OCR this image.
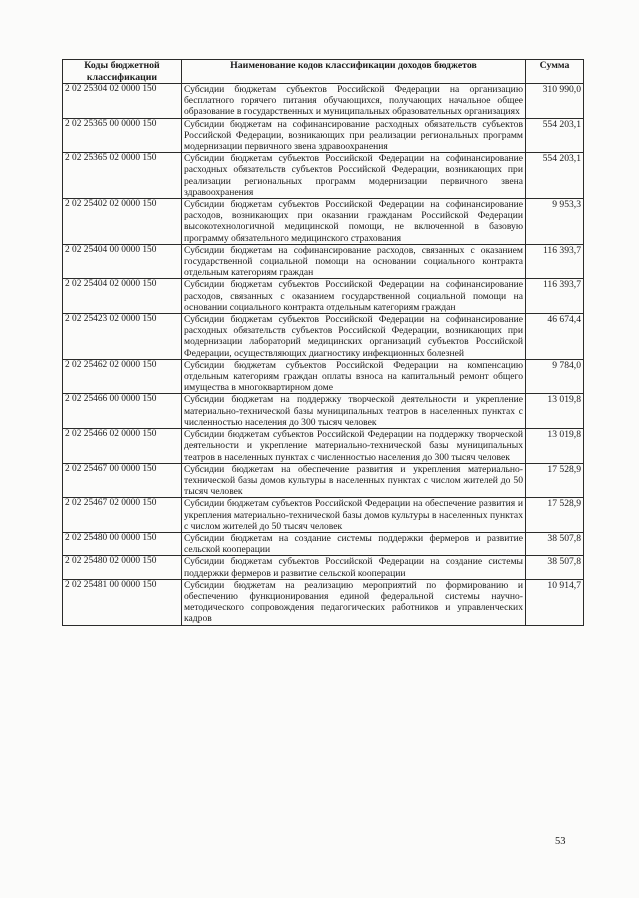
Коды бюджетной классификации	Наименование кодов классификации доходов бюджетов	Сумма
2 02 25304 02 0000 150	Субсидии бюджетам субъектов Российской Федерации на организацию бесплатного горячего питания обучающихся, получающих начальное общее образование в государственных и муниципальных образовательных организациях	310 990,0
2 02 25365 00 0000 150	Субсидии бюджетам на софинансирование расходных обязательств субъектов Российской Федерации, возникающих при реализации региональных программ модернизации первичного звена здравоохранения	554 203,1
2 02 25365 02 0000 150	Субсидии бюджетам субъектов Российской Федерации на софинансирование расходных обязательств субъектов Российской Федерации, возникающих при реализации региональных программ модернизации первичного звена здравоохранения	554 203,1
2 02 25402 02 0000 150	Субсидии бюджетам субъектов Российской Федерации на софинансирование расходов, возникающих при оказании гражданам Российской Федерации высокотехнологичной медицинской помощи, не включенной в базовую программу обязательного медицинского страхования	9 953,3
2 02 25404 00 0000 150	Субсидии бюджетам на софинансирование расходов, связанных с оказанием государственной социальной помощи на основании социального контракта отдельным категориям граждан	116 393,7
2 02 25404 02 0000 150	Субсидии бюджетам субъектов Российской Федерации на софинансирование расходов, связанных с оказанием государственной социальной помощи на основании социального контракта отдельным категориям граждан	116 393,7
2 02 25423 02 0000 150	Субсидии бюджетам субъектов Российской Федерации на софинансирование расходных обязательств субъектов Российской Федерации, возникающих при модернизации лабораторий медицинских организаций субъектов Российской Федерации, осуществляющих диагностику инфекционных болезней	46 674,4
2 02 25462 02 0000 150	Субсидии бюджетам субъектов Российской Федерации на компенсацию отдельным категориям граждан оплаты взноса на капитальный ремонт общего имущества в многоквартирном доме	9 784,0
2 02 25466 00 0000 150	Субсидии бюджетам на поддержку творческой деятельности и укрепление материально-технической базы муниципальных театров в населенных пунктах с численностью населения до 300 тысяч человек	13 019,8
2 02 25466 02 0000 150	Субсидии бюджетам субъектов Российской Федерации на поддержку творческой деятельности и укрепление материально-технической базы муниципальных театров в населенных пунктах с численностью населения до 300 тысяч человек	13 019,8
2 02 25467 00 0000 150	Субсидии бюджетам на обеспечение развития и укрепления материально-технической базы домов культуры в населенных пунктах с числом жителей до 50 тысяч человек	17 528,9
2 02 25467 02 0000 150	Субсидии бюджетам субъектов Российской Федерации на обеспечение развития и укрепления материально-технической базы домов культуры в населенных пунктах с числом жителей до 50 тысяч человек	17 528,9
2 02 25480 00 0000 150	Субсидии бюджетам на создание системы поддержки фермеров и развитие сельской кооперации	38 507,8
2 02 25480 02 0000 150	Субсидии бюджетам субъектов Российской Федерации на создание системы поддержки фермеров и развитие сельской кооперации	38 507,8
2 02 25481 00 0000 150	Субсидии бюджетам на реализацию мероприятий по формированию и обеспечению функционирования единой федеральной системы научно-методического сопровождения педагогических работников и управленческих кадров	10 914,7
53
